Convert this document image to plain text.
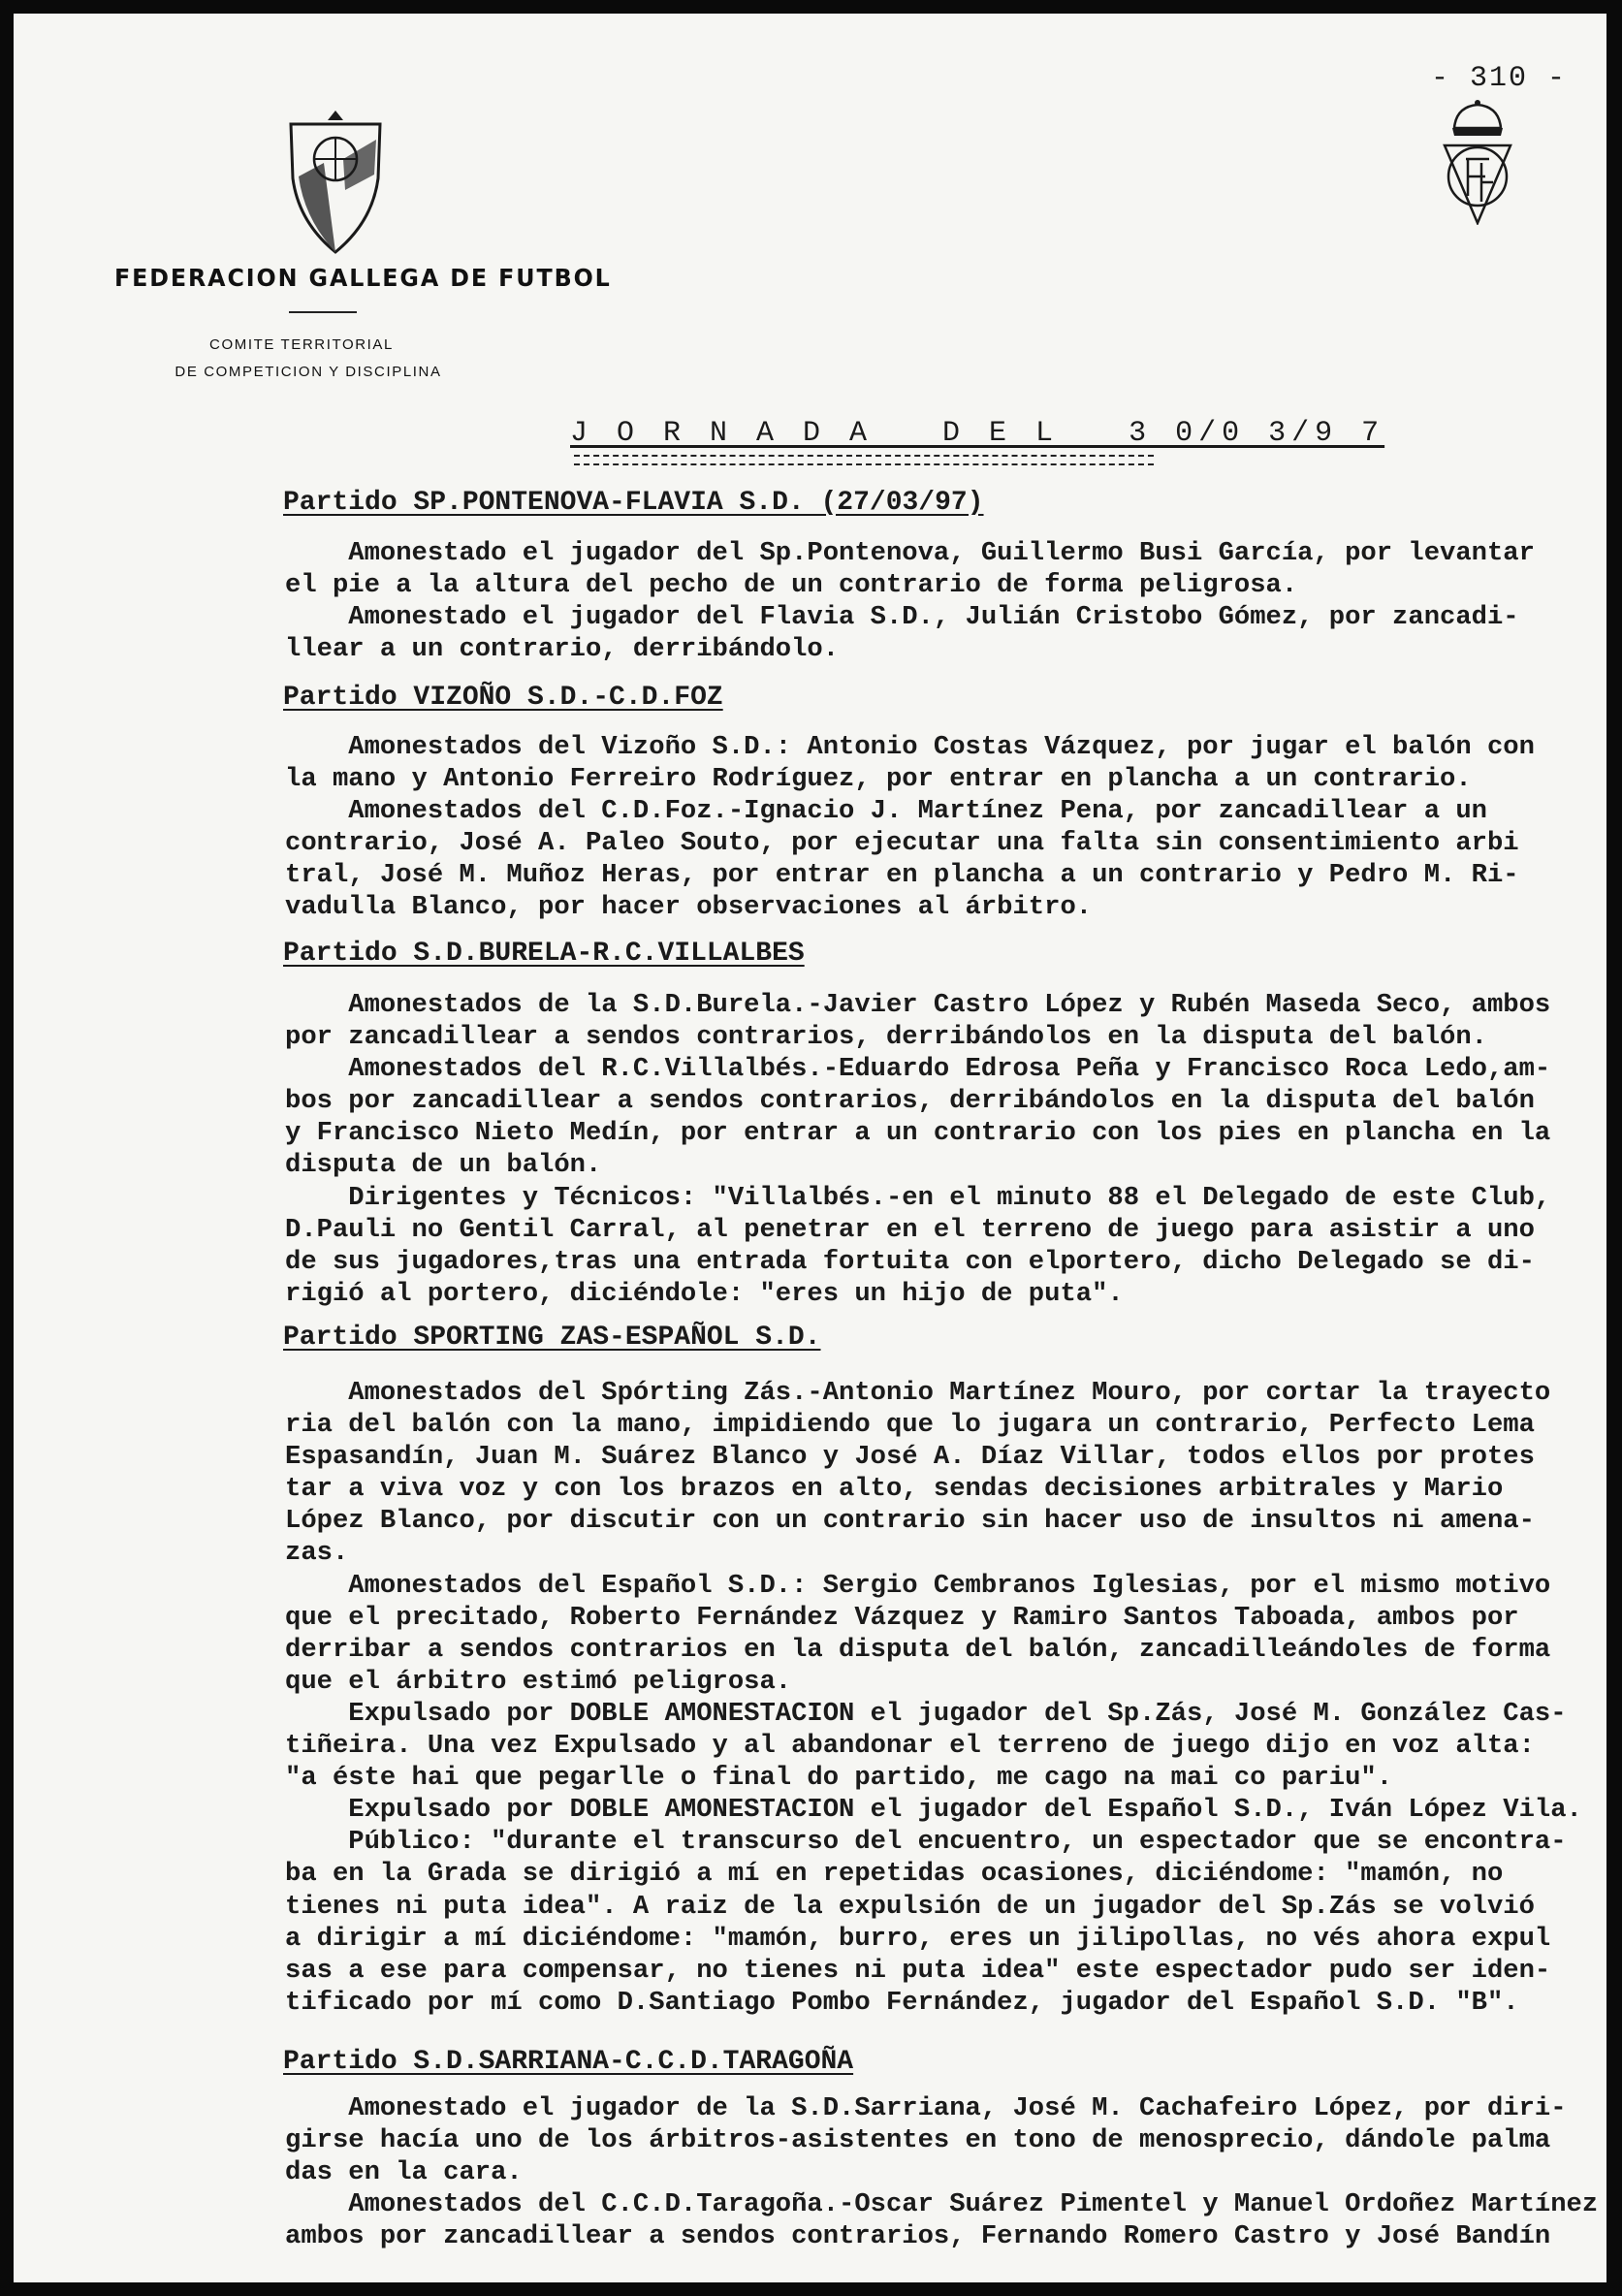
- 310 -
FEDERACION GALLEGA DE FUTBOL
COMITE TERRITORIAL
DE COMPETICION Y DISCIPLINA
J O R N A D A   D E L   3 0/0 3/9 7
Partido SP.PONTENOVA-FLAVIA S.D. (27/03/97)

Amonestado el jugador del Sp.Pontenova, Guillermo Busi García, por levantar

el pie a la altura del pecho de un contrario de forma peligrosa.

Amonestado el jugador del Flavia S.D., Julián Cristobo Gómez, por zancadi-

llear a un contrario, derribándolo.

Partido VIZOÑO S.D.-C.D.FOZ

Amonestados del Vizoño S.D.: Antonio Costas Vázquez, por jugar el balón con

la mano y Antonio Ferreiro Rodríguez, por entrar en plancha a un contrario.

Amonestados del C.D.Foz.-Ignacio J. Martínez Pena, por zancadillear a un

contrario, José A. Paleo Souto, por ejecutar una falta sin consentimiento arbi

tral, José M. Muñoz Heras, por entrar en plancha a un contrario y Pedro M. Ri-

vadulla Blanco, por hacer observaciones al árbitro.

Partido S.D.BURELA-R.C.VILLALBES

Amonestados de la S.D.Burela.-Javier Castro López y Rubén Maseda Seco, ambos

por zancadillear a sendos contrarios, derribándolos en la disputa del balón.

Amonestados del R.C.Villalbés.-Eduardo Edrosa Peña y Francisco Roca Ledo,am-

bos por zancadillear a sendos contrarios, derribándolos en la disputa del balón

y Francisco Nieto Medín, por entrar a un contrario con los pies en plancha en la

disputa de un balón.

Dirigentes y Técnicos: "Villalbés.-en el minuto 88 el Delegado de este Club,

D.Pauli no Gentil Carral, al penetrar en el terreno de juego para asistir a uno

de sus jugadores,tras una entrada fortuita con elportero, dicho Delegado se di-

rigió al portero, diciéndole: "eres un hijo de puta".

Partido SPORTING ZAS-ESPAÑOL S.D.

Amonestados del Spórting Zás.-Antonio Martínez Mouro, por cortar la trayecto

ria del balón con la mano, impidiendo que lo jugara un contrario, Perfecto Lema

Espasandín, Juan M. Suárez Blanco y José A. Díaz Villar, todos ellos por protes

tar a viva voz y con los brazos en alto, sendas decisiones arbitrales y Mario

López Blanco, por discutir con un contrario sin hacer uso de insultos ni amena-

zas.

Amonestados del Español S.D.: Sergio Cembranos Iglesias, por el mismo motivo

que el precitado, Roberto Fernández Vázquez y Ramiro Santos Taboada, ambos por

derribar a sendos contrarios en la disputa del balón, zancadilleándoles de forma

que el árbitro estimó peligrosa.

Expulsado por DOBLE AMONESTACION el jugador del Sp.Zás, José M. González Cas-

tiñeira. Una vez Expulsado y al abandonar el terreno de juego dijo en voz alta:

"a éste hai que pegarlle o final do partido, me cago na mai co pariu".

Expulsado por DOBLE AMONESTACION el jugador del Español S.D., Iván López Vila.

Público: "durante el transcurso del encuentro, un espectador que se encontra-

ba en la Grada se dirigió a mí en repetidas ocasiones, diciéndome: "mamón, no

tienes ni puta idea". A raiz de la expulsión de un jugador del Sp.Zás se volvió

a dirigir a mí diciéndome: "mamón, burro, eres un jilipollas, no vés ahora expul

sas a ese para compensar, no tienes ni puta idea" este espectador pudo ser iden-

tificado por mí como D.Santiago Pombo Fernández, jugador del Español S.D. "B".

Partido S.D.SARRIANA-C.C.D.TARAGOÑA

Amonestado el jugador de la S.D.Sarriana, José M. Cachafeiro López, por diri-

girse hacía uno de los árbitros-asistentes en tono de menosprecio, dándole palma

das en la cara.

Amonestados del C.C.D.Taragoña.-Oscar Suárez Pimentel y Manuel Ordoñez Martínez

ambos por zancadillear a sendos contrarios, Fernando Romero Castro y José Bandín
